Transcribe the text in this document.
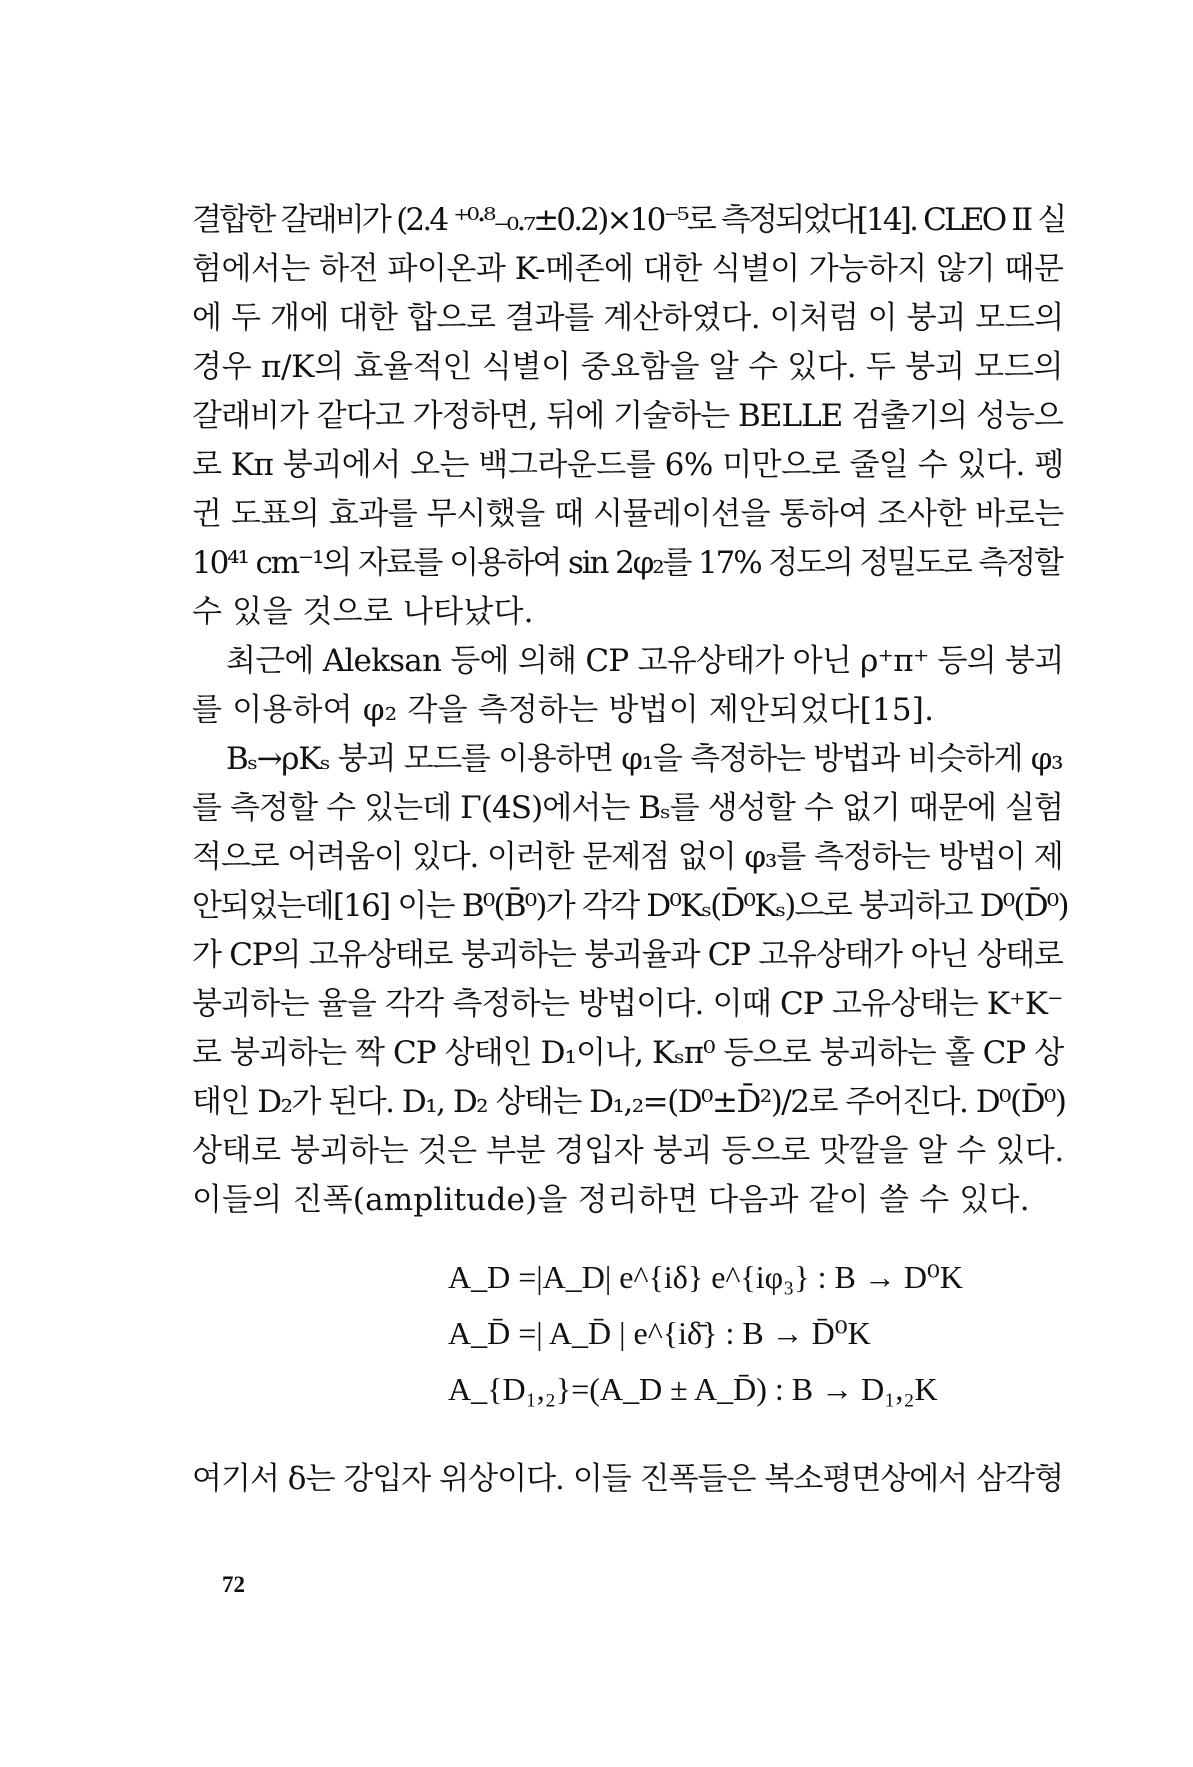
결합한 갈래비가 (2.4 ⁺⁰·⁸₋₀.₇±0.2)×10⁻⁵로 측정되었다[14]. CLEO II 실

험에서는 하전 파이온과 K-메존에 대한 식별이 가능하지 않기 때문

에 두 개에 대한 합으로 결과를 계산하였다. 이처럼 이 붕괴 모드의

경우 π/K의 효율적인 식별이 중요함을 알 수 있다. 두 붕괴 모드의

갈래비가 같다고 가정하면, 뒤에 기술하는 BELLE 검출기의 성능으

로 Kπ 붕괴에서 오는 백그라운드를 6% 미만으로 줄일 수 있다. 펭

귄 도표의 효과를 무시했을 때 시뮬레이션을 통하여 조사한 바로는

10⁴¹ cm⁻¹의 자료를 이용하여 sin 2φ₂를 17% 정도의 정밀도로 측정할

수 있을 것으로 나타났다.

최근에 Aleksan 등에 의해 CP 고유상태가 아닌 ρ⁺π⁺ 등의 붕괴

를 이용하여 φ₂ 각을 측정하는 방법이 제안되었다[15].

Bₛ→ρKₛ 붕괴 모드를 이용하면 φ₁을 측정하는 방법과 비슷하게 φ₃

를 측정할 수 있는데 Γ(4S)에서는 Bₛ를 생성할 수 없기 때문에 실험

적으로 어려움이 있다. 이러한 문제점 없이 φ₃를 측정하는 방법이 제

안되었는데[16] 이는 B⁰(B̄⁰)가 각각 D⁰Kₛ(D̄⁰Kₛ)으로 붕괴하고 D⁰(D̄⁰)

가 CP의 고유상태로 붕괴하는 붕괴율과 CP 고유상태가 아닌 상태로

붕괴하는 율을 각각 측정하는 방법이다. 이때 CP 고유상태는 K⁺K⁻

로 붕괴하는 짝 CP 상태인 D₁이나, Kₛπ⁰ 등으로 붕괴하는 홀 CP 상

태인 D₂가 된다. D₁, D₂ 상태는 D₁,₂=(D⁰±D̄²)/2로 주어진다. D⁰(D̄⁰)

상태로 붕괴하는 것은 부분 경입자 붕괴 등으로 맛깔을 알 수 있다.

이들의 진폭(amplitude)을 정리하면 다음과 같이 쓸 수 있다.

A_D =|A_D| e^{iδ} e^{iφ₃} : B → D⁰K
A_D̄ =| A_D̄ | e^{iδ̄} : B → D̄⁰K
A_{D₁,₂}=(A_D ± A_D̄) : B → D₁,₂K

여기서 δ는 강입자 위상이다. 이들 진폭들은 복소평면상에서 삼각형

72
